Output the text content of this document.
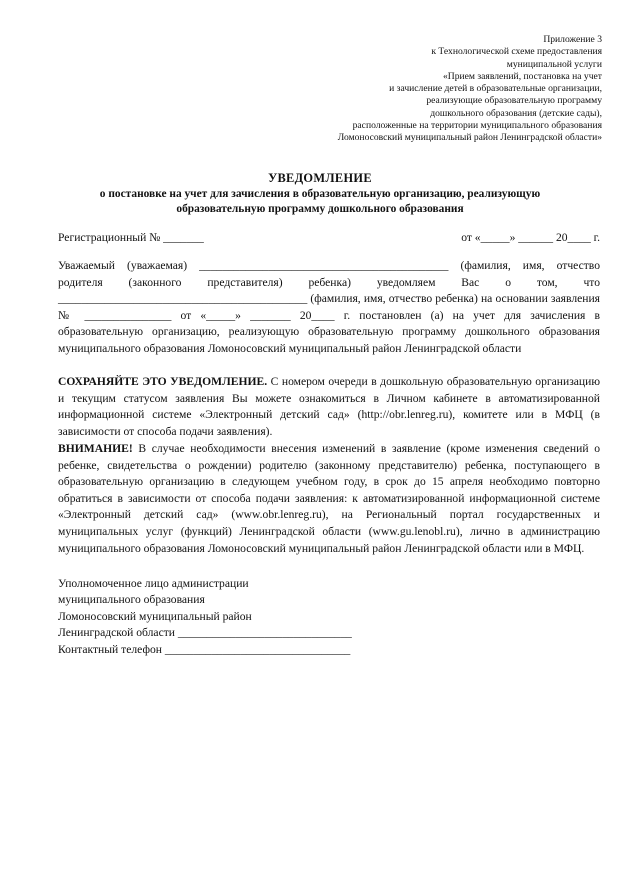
Приложение 3
к Технологической схеме предоставления
муниципальной услуги
«Прием заявлений, постановка на учет
и зачисление детей в образовательные организации,
реализующие образовательную программу
дошкольного образования (детские сады),
расположенные на территории муниципального образования
Ломоносовский муниципальный район Ленинградской области»
УВЕДОМЛЕНИЕ
о постановке на учет для зачисления в образовательную организацию, реализующую образовательную программу дошкольного образования
Регистрационный № _______	от «_____» ______ 20____ г.

Уважаемый (уважаемая) ___________________________________________ (фамилия, имя, отчество родителя (законного представителя) ребенка) уведомляем Вас о том, что ___________________________________________ (фамилия, имя, отчество ребенка) на основании заявления № _______________ от «_____» _______ 20____ г. постановлен (а) на учет для зачисления в образовательную организацию, реализующую образовательную программу дошкольного образования муниципального образования Ломоносовский муниципальный район Ленинградской области

СОХРАНЯЙТЕ ЭТО УВЕДОМЛЕНИЕ. С номером очереди в дошкольную образовательную организацию и текущим статусом заявления Вы можете ознакомиться в Личном кабинете в автоматизированной информационной системе «Электронный детский сад» (http://obr.lenreg.ru), комитете или в МФЦ (в зависимости от способа подачи заявления).

ВНИМАНИЕ! В случае необходимости внесения изменений в заявление (кроме изменения сведений о ребенке, свидетельства о рождении) родителю (законному представителю) ребенка, поступающего в образовательную организацию в следующем учебном году, в срок до 15 апреля необходимо повторно обратиться в зависимости от способа подачи заявления: к автоматизированной информационной системе «Электронный детский сад» (www.obr.lenreg.ru), на Региональный портал государственных и муниципальных услуг (функций) Ленинградской области (www.gu.lenobl.ru), лично в администрацию муниципального образования Ломоносовский муниципальный район Ленинградской области или в МФЦ.

Уполномоченное лицо администрации
муниципального образования
Ломоносовский муниципальный район
Ленинградской области ______________________________
Контактный телефон ________________________________
